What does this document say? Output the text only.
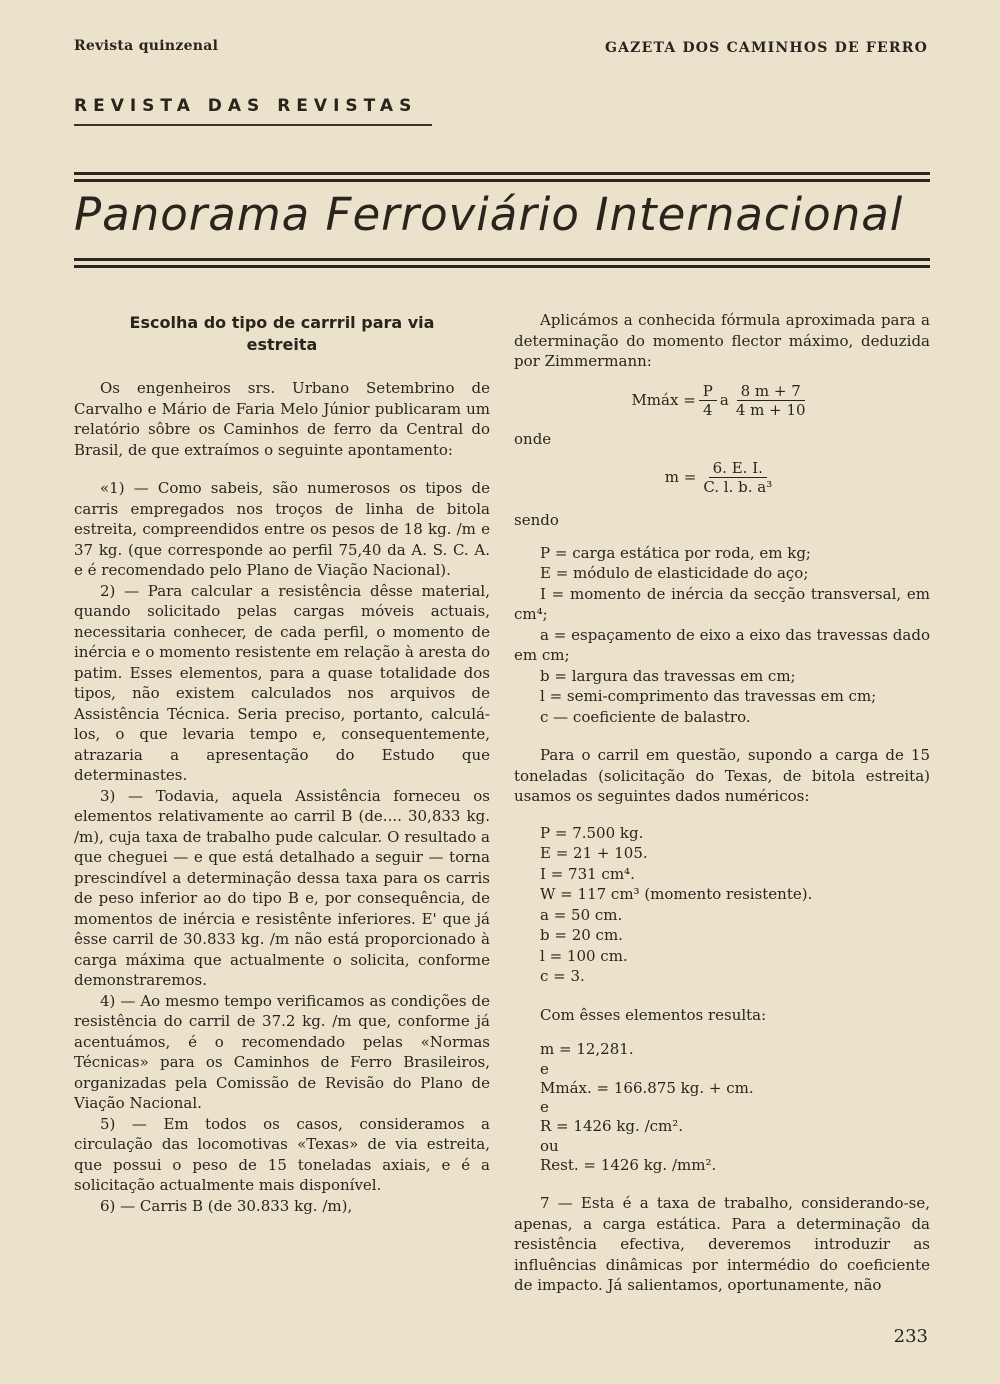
Revista quinzenal	GAZETA DOS CAMINHOS DE FERRO
REVISTA DAS REVISTAS
Panorama Ferroviário Internacional
Escolha do tipo de carrril para via estreita

Os engenheiros srs. Urbano Setembrino de Carvalho e Mário de Faria Melo Júnior publicaram um relatório sôbre os Caminhos de ferro da Central do Brasil, de que extraímos o seguinte apontamento:

«1) — Como sabeis, são numerosos os tipos de carris empregados nos troços de linha de bitola estreita, compreendidos entre os pesos de 18 kg. /m e 37 kg. (que corresponde ao perfil 75,40 da A. S. C. A. e é recomendado pelo Plano de Viação Nacional).

2) — Para calcular a resistência dêsse material, quando solicitado pelas cargas móveis actuais, necessitaria conhecer, de cada perfil, o momento de inércia e o momento resistente em relação à aresta do patim. Esses elementos, para a quase totalidade dos tipos, não existem calculados nos arquivos de Assistência Técnica. Seria preciso, portanto, calculá-los, o que levaria tempo e, consequentemente, atrazaria a apresentação do Estudo que determinastes.

3) — Todavia, aquela Assistência forneceu os elementos relativamente ao carril B (de.... 30,833 kg. /m), cuja taxa de trabalho pude calcular. O resultado a que cheguei — e que está detalhado a seguir — torna prescindível a determinação dessa taxa para os carris de peso inferior ao do tipo B e, por consequência, de momentos de inércia e resistênte inferiores. E' que já êsse carril de 30.833 kg. /m não está proporcionado à carga máxima que actualmente o solicita, conforme demonstraremos.

4) — Ao mesmo tempo verificamos as condições de resistência do carril de 37.2 kg. /m que, conforme já acentuámos, é o recomendado pelas «Normas Técnicas» para os Caminhos de Ferro Brasileiros, organizadas pela Comissão de Revisão do Plano de Viação Nacional.

5) — Em todos os casos, consideramos a circulação das locomotivas «Texas» de via estreita, que possui o peso de 15 toneladas axiais, e é a solicitação actualmente mais disponível.

6) — Carris B (de 30.833 kg. /m),

Aplicámos a conhecida fórmula aproximada para a determinação do momento flector máximo, deduzida por Zimmermann:

Mmáx = $\frac{P}{4}$ a $\frac{8 m + 7}{4 m + 10}$

onde

$m = \frac{6. E. I.}{\text{C. l. b. a³}}$

sendo

P = carga estática por roda, em kg;

E = módulo de elasticidade do aço;

I = momento de inércia da secção transversal, em cm⁴;

a = espaçamento de eixo a eixo das travessas dado em cm;

b = largura das travessas em cm;

l = semi-comprimento das travessas em cm;

c — coeficiente de balastro.

Para o carril em questão, supondo a carga de 15 toneladas (solicitação do Texas, de bitola estreita) usamos os seguintes dados numéricos:

P = 7.500 kg.

E = 21 + 105.

I = 731 cm⁴.

W = 117 cm³ (momento resistente).

a = 50 cm.

b = 20 cm.

l = 100 cm.

c = 3.

Com êsses elementos resulta:

m = 12,281.

e

Mmáx. = 166.875 kg. + cm.

e

R = 1426 kg. /cm².

ou

Rest. = 1426 kg. /mm².

7 — Esta é a taxa de trabalho, considerando-se, apenas, a carga estática. Para a determinação da resistência efectiva, deveremos introduzir as influências dinâmicas por intermédio do coeficiente de impacto. Já salientamos, oportunamente, não

233
